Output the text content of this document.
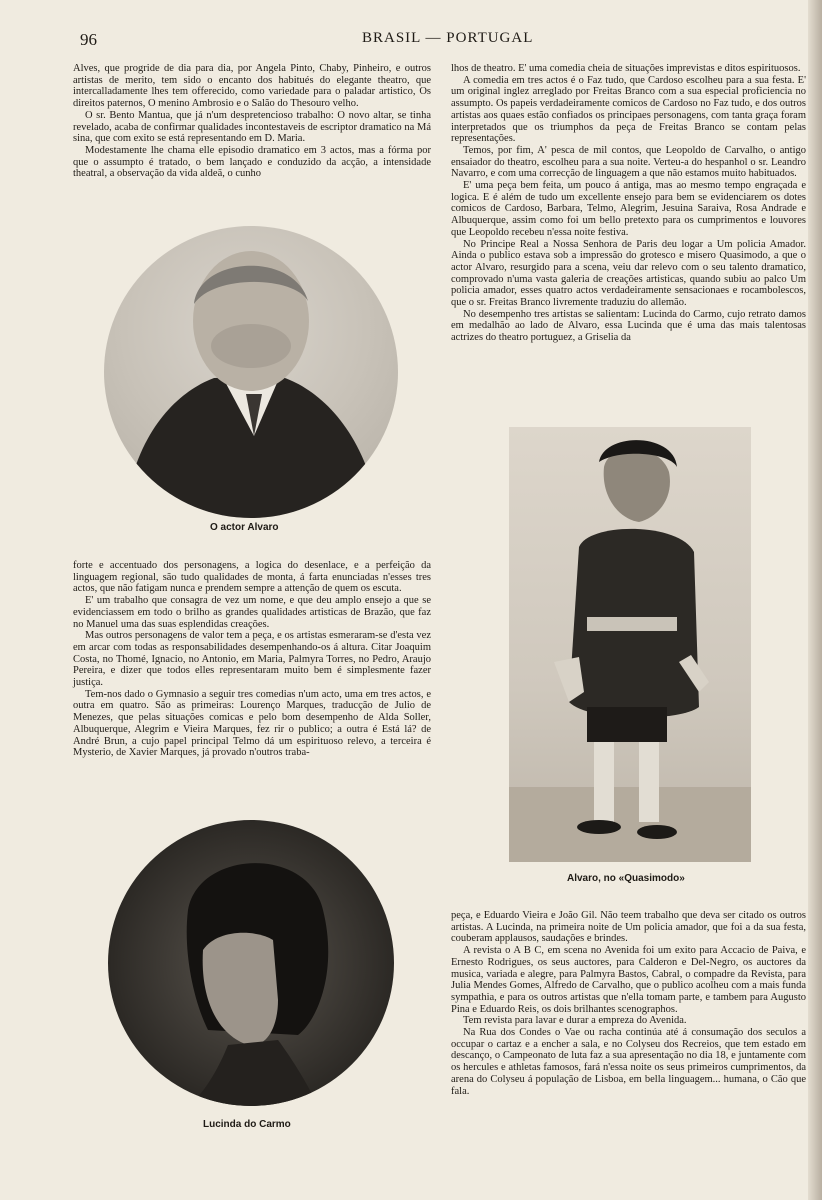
96	BRASIL — PORTUGAL

Alves, que progride de dia para dia, por Angela Pinto, Chaby, Pinheiro, e outros artistas de merito, tem sido o encanto dos habitués do elegante theatro, que intercalladamente lhes tem offerecido, como variedade para o paladar artistico, Os direitos paternos, O menino Ambrosio e o Salão do Thesouro velho.

O sr. Bento Mantua, que já n'um despretencioso trabalho: O novo altar, se tinha revelado, acaba de confirmar qualidades incontestaveis de escriptor dramatico na Má sina, que com exito se está representando em D. Maria.

Modestamente lhe chama elle episodio dramatico em 3 actos, mas a fórma por que o assumpto é tratado, o bem lançado e conduzido da acção, a intensidade theatral, a observação da vida aldeã, o cunho

O actor Alvaro

forte e accentuado dos personagens, a logica do desenlace, e a perfeição da linguagem regional, são tudo qualidades de monta, á farta enunciadas n'esses tres actos, que não fatigam nunca e prendem sempre a attenção de quem os escuta.

E' um trabalho que consagra de vez um nome, e que deu amplo ensejo a que se evidenciassem em todo o brilho as grandes qualidades artisticas de Brazão, que faz no Manuel uma das suas esplendidas creações.

Mas outros personagens de valor tem a peça, e os artistas esmeraram-se d'esta vez em arcar com todas as responsabilidades desempenhando-os á altura. Citar Joaquim Costa, no Thomé, Ignacio, no Antonio, em Maria, Palmyra Torres, no Pedro, Araujo Pereira, e dizer que todos elles representaram muito bem é simplesmente fazer justiça.

Tem-nos dado o Gymnasio a seguir tres comedias n'um acto, uma em tres actos, e outra em quatro. São as primeiras: Lourenço Marques, traducção de Julio de Menezes, que pelas situações comicas e pelo bom desempenho de Alda Soller, Albuquerque, Alegrim e Vieira Marques, fez rir o publico; a outra é Está lá? de André Brun, a cujo papel principal Telmo dá um espirituoso relevo, a terceira é Mysterio, de Xavier Marques, já provado n'outros traba-

Lucinda do Carmo

lhos de theatro. E' uma comedia cheia de situações imprevistas e ditos espirituosos.

A comedia em tres actos é o Faz tudo, que Cardoso escolheu para a sua festa. E' um original inglez arreglado por Freitas Branco com a sua especial proficiencia no assumpto. Os papeis verdadeiramente comicos de Cardoso no Faz tudo, e dos outros artistas aos quaes estão confiados os principaes personagens, com tanta graça foram interpretados que os triumphos da peça de Freitas Branco se contam pelas representações.

Temos, por fim, A' pesca de mil contos, que Leopoldo de Carvalho, o antigo ensaiador do theatro, escolheu para a sua noite. Verteu-a do hespanhol o sr. Leandro Navarro, e com uma correcção de linguagem a que não estamos muito habituados.

E' uma peça bem feita, um pouco á antiga, mas ao mesmo tempo engraçada e logica. E é além de tudo um excellente ensejo para bem se evidenciarem os dotes comicos de Cardoso, Barbara, Telmo, Alegrim, Jesuina Saraiva, Rosa Andrade e Albuquerque, assim como foi um bello pretexto para os cumprimentos e louvores que Leopoldo recebeu n'essa noite festiva.

No Principe Real a Nossa Senhora de Paris deu logar a Um policia Amador. Ainda o publico estava sob a impressão do grotesco e misero Quasimodo, a que o actor Alvaro, resurgido para a scena, veiu dar relevo com o seu talento dramatico, comprovado n'uma vasta galeria de creações artisticas, quando subiu ao palco Um policia amador, esses quatro actos verdadeiramente sensacionaes e rocambolescos, que o sr. Freitas Branco livremente traduziu do allemão.

No desempenho tres artistas se salientam: Lucinda do Carmo, cujo retrato damos em medalhão ao lado de Alvaro, essa Lucinda que é uma das mais talentosas actrizes do theatro portuguez, a Griselia da

Alvaro, no «Quasimodo»

peça, e Eduardo Vieira e João Gil. Não teem trabalho que deva ser citado os outros artistas. A Lucinda, na primeira noite de Um policia amador, que foi a da sua festa, couberam applausos, saudações e brindes.

A revista o A B C, em scena no Avenida foi um exito para Accacio de Paiva, e Ernesto Rodrigues, os seus auctores, para Calderon e Del-Negro, os auctores da musica, variada e alegre, para Palmyra Bastos, Cabral, o compadre da Revista, para Julia Mendes Gomes, Alfredo de Carvalho, que o publico acolheu com a mais funda sympathia, e para os outros artistas que n'ella tomam parte, e tambem para Augusto Pina e Eduardo Reis, os dois brilhantes scenographos.

Tem revista para lavar e durar a empreza do Avenida.

Na Rua dos Condes o Vae ou racha continúa até á consumação dos seculos a occupar o cartaz e a encher a sala, e no Colyseu dos Recreios, que tem estado em descanço, o Campeonato de luta faz a sua apresentação no dia 18, e juntamente com os hercules e athletas famosos, fará n'essa noite os seus primeiros cumprimentos, da arena do Colyseu á população de Lisboa, em bella linguagem... humana, o Cão que fala.
